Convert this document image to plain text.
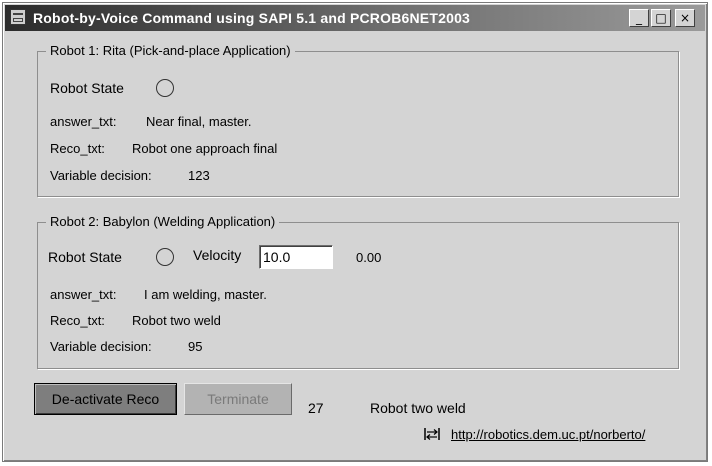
Robot-by-Voice Command using SAPI 5.1 and PCROB6NET2003	_	□	×
Robot 1: Rita (Pick-and-place Application)
Robot State
answer_txt: Near final, master.
Reco_txt: Robot one approach final
Variable decision:	123
Robot 2: Babylon (Welding Application)
Robot State	Velocity
10.0	0.00
answer_txt: I am welding, master.
Reco_txt: Robot two weld
Variable decision:	95
De-activate Reco	Terminate
27	Robot two weld
http://robotics.dem.uc.pt/norberto/
